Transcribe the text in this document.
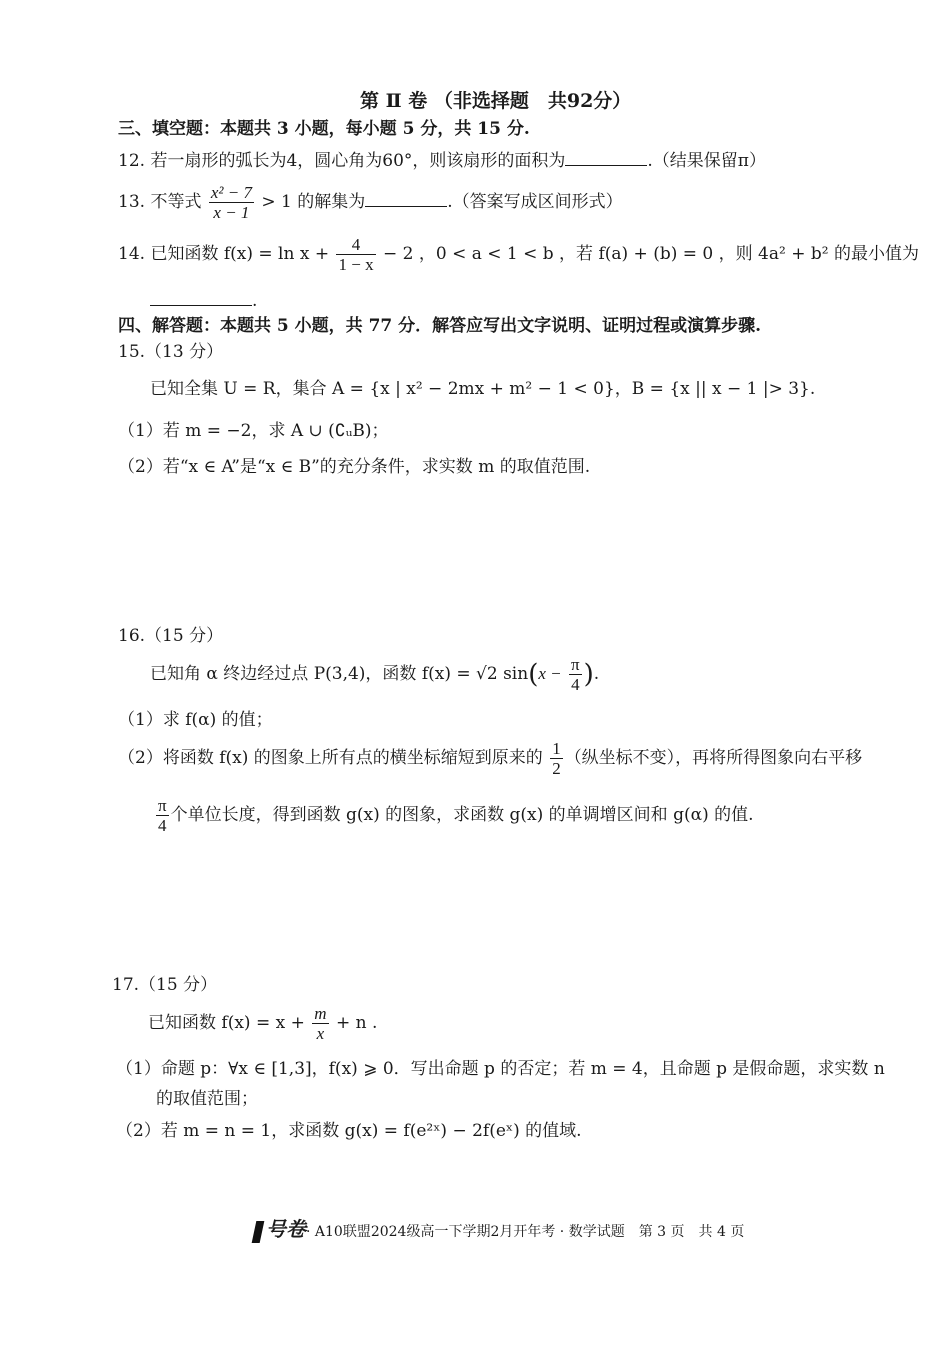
第 Ⅱ 卷 （非选择题　共92分）
三、填空题：本题共 3 小题，每小题 5 分，共 15 分.
12. 若一扇形的弧长为4，圆心角为60°，则该扇形的面积为	.（结果保留π）
13. 不等式 $\frac{\text{x² − 7}}{x - 1} > 1$ 的解集为	.（答案写成区间形式）
14. 已知函数 $f(x) = \ln x + \frac{4}{1 - x} - 2$ ，0 < a < 1 < b ，若 f(a) + (b) = 0 ，则 4a² + b² 的最小值为
.
四、解答题：本题共 5 小题，共 77 分．解答应写出文字说明、证明过程或演算步骤.
15.（13 分）
已知全集 U = R，集合 A = {x | x² − 2mx + m² − 1 < 0}，B = {x || x − 1 |> 3}.
（1）若 m = −2，求 A ∪ (∁ᵤB)；
（2）若“x ∈ A”是“x ∈ B”的充分条件，求实数 m 的取值范围.
16.（15 分）
已知角 α 终边经过点 P(3,4)，函数 f(x) = √2 $\sin(x - \frac{\pi}{4}$ ).
（1）求 f(α) 的值；
（2）将函数 f(x) 的图象上所有点的横坐标缩短到原来的 $\frac{1}{2}$ （纵坐标不变），再将所得图象向右平移
$\frac{\pi}{4}$ 个单位长度，得到函数 g(x) 的图象，求函数 g(x) 的单调增区间和 g(α) 的值.
17.（15 分）
已知函数 $f(x) = x + \frac{m}{x} + n$ .
（1）命题 p：∀x ∈ [1,3]，f(x) ⩾ 0．写出命题 p 的否定；若 m = 4，且命题 p 是假命题，求实数 n
的取值范围；
（2）若 m = n = 1，求函数 g(x) = f(e²ˣ) − 2f(eˣ) 的值域.
号卷· A10联盟2024级高一下学期2月开年考 · 数学试题　第 3 页　共 4 页
